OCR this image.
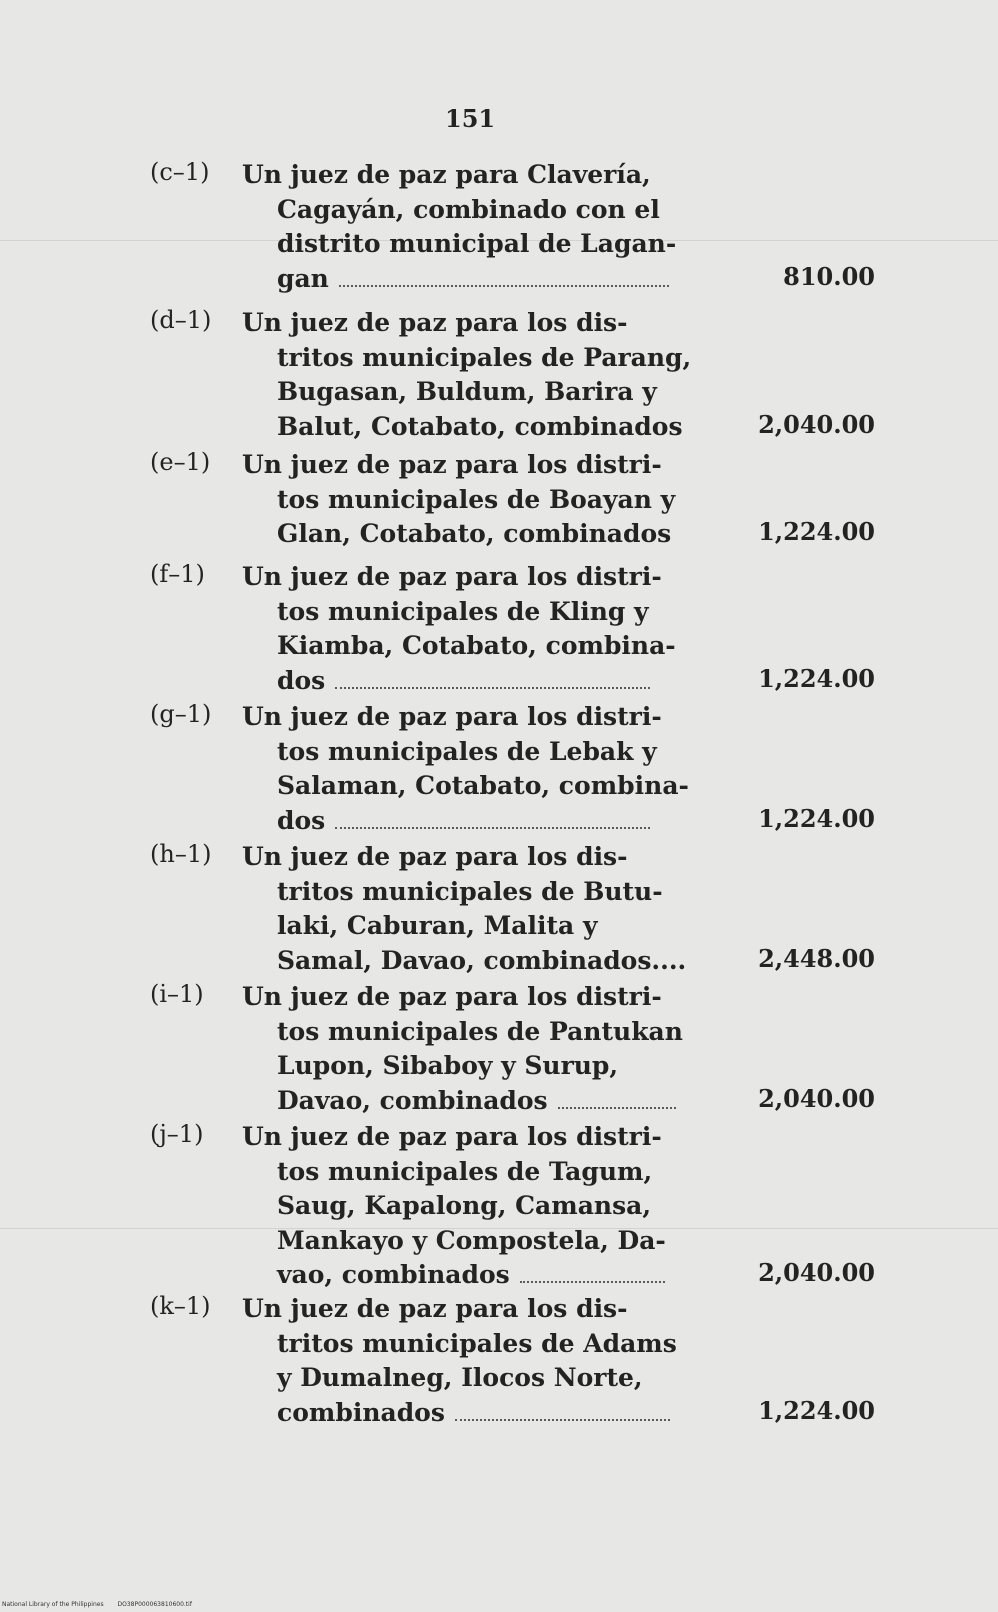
151
(c–1) Un juez de paz para Clavería,
Cagayán, combinado con el
distrito municipal de Lagan-
gan	810.00
(d–1) Un juez de paz para los dis-
tritos municipales de Parang,
Bugasan, Buldum, Barira y
Balut, Cotabato, combinados	2,040.00
(e–1) Un juez de paz para los distri-
tos municipales de Boayan y
Glan, Cotabato, combinados	1,224.00
(f–1) Un juez de paz para los distri-
tos municipales de Kling y
Kiamba, Cotabato, combina-
dos	1,224.00
(g–1) Un juez de paz para los distri-
tos municipales de Lebak y
Salaman, Cotabato, combina-
dos	1,224.00
(h–1) Un juez de paz para los dis-
tritos municipales de Butu-
laki, Caburan, Malita y
Samal, Davao, combinados....	2,448.00
(i–1) Un juez de paz para los distri-
tos municipales de Pantukan
Lupon, Sibaboy y Surup,
Davao, combinados	2,040.00
(j–1) Un juez de paz para los distri-
tos municipales de Tagum,
Saug, Kapalong, Camansa,
Mankayo y Compostela, Da-
vao, combinados	2,040.00
(k–1) Un juez de paz para los dis-
tritos municipales de Adams
y Dumalneg, Ilocos Norte,
combinados	1,224.00
National Library of the Philippines DO38P000063810600.tif
